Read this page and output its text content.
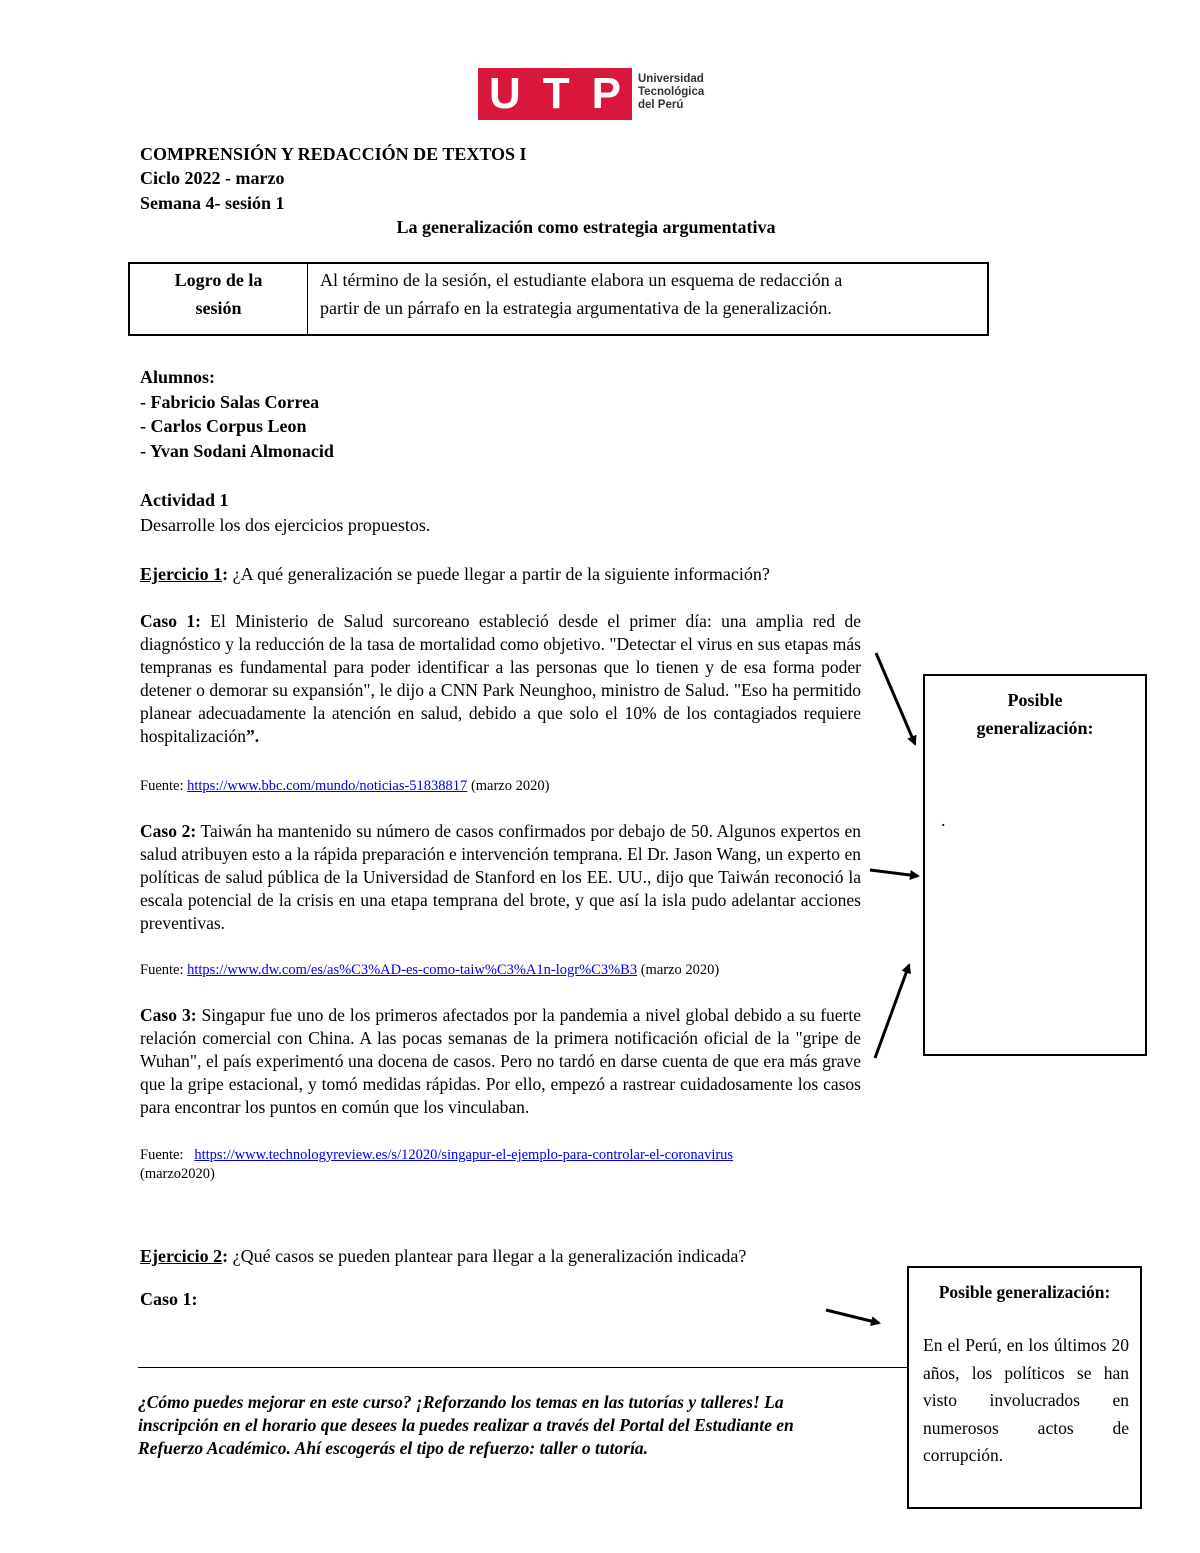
U T P Universidad
Tecnológica
del Perú
COMPRENSIÓN Y REDACCIÓN DE TEXTOS I
Ciclo 2022 - marzo
Semana 4- sesión 1
La generalización como estrategia argumentativa
Logro de la
sesión
Al término de la sesión, el estudiante elabora un esquema de redacción a
partir de un párrafo en la estrategia argumentativa de la generalización.
Alumnos:
- Fabricio Salas Correa
- Carlos Corpus Leon
- Yvan Sodani Almonacid
Actividad 1
Desarrolle los dos ejercicios propuestos.
Ejercicio 1: ¿A qué generalización se puede llegar a partir de la siguiente información?
Caso 1: El Ministerio de Salud surcoreano estableció desde el primer día: una amplia red de diagnóstico y la reducción de la tasa de mortalidad como objetivo. "Detectar el virus en sus etapas más tempranas es fundamental para poder identificar a las personas que lo tienen y de esa forma poder detener o demorar su expansión", le dijo a CNN Park Neunghoo, ministro de Salud. "Eso ha permitido planear adecuadamente la atención en salud, debido a que solo el 10% de los contagiados requiere hospitalización”.
Fuente: https://www.bbc.com/mundo/noticias-51838817 (marzo 2020)
Caso 2: Taiwán ha mantenido su número de casos confirmados por debajo de 50. Algunos expertos en salud atribuyen esto a la rápida preparación e intervención temprana. El Dr. Jason Wang, un experto en políticas de salud pública de la Universidad de Stanford en los EE. UU., dijo que Taiwán reconoció la escala potencial de la crisis en una etapa temprana del brote, y que así la isla pudo adelantar acciones preventivas.
Fuente: https://www.dw.com/es/as%C3%AD-es-como-taiw%C3%A1n-logr%C3%B3 (marzo 2020)
Caso 3: Singapur fue uno de los primeros afectados por la pandemia a nivel global debido a su fuerte relación comercial con China. A las pocas semanas de la primera notificación oficial de la "gripe de Wuhan", el país experimentó una docena de casos. Pero no tardó en darse cuenta de que era más grave que la gripe estacional, y tomó medidas rápidas. Por ello, empezó a rastrear cuidadosamente los casos para encontrar los puntos en común que los vinculaban.
Fuente:   https://www.technologyreview.es/s/12020/singapur-el-ejemplo-para-controlar-el-coronavirus
(marzo2020)
Posible
generalización:
.
Ejercicio 2: ¿Qué casos se pueden plantear para llegar a la generalización indicada?
Caso 1:	Posible generalización:
En el Perú, en los últimos 20 años, los políticos se han visto involucrados en numerosos actos de corrupción.
¿Cómo puedes mejorar en este curso? ¡Reforzando los temas en las tutorías y talleres! La
inscripción en el horario que desees la puedes realizar a través del Portal del Estudiante en
Refuerzo Académico. Ahí escogerás el tipo de refuerzo: taller o tutoría.
